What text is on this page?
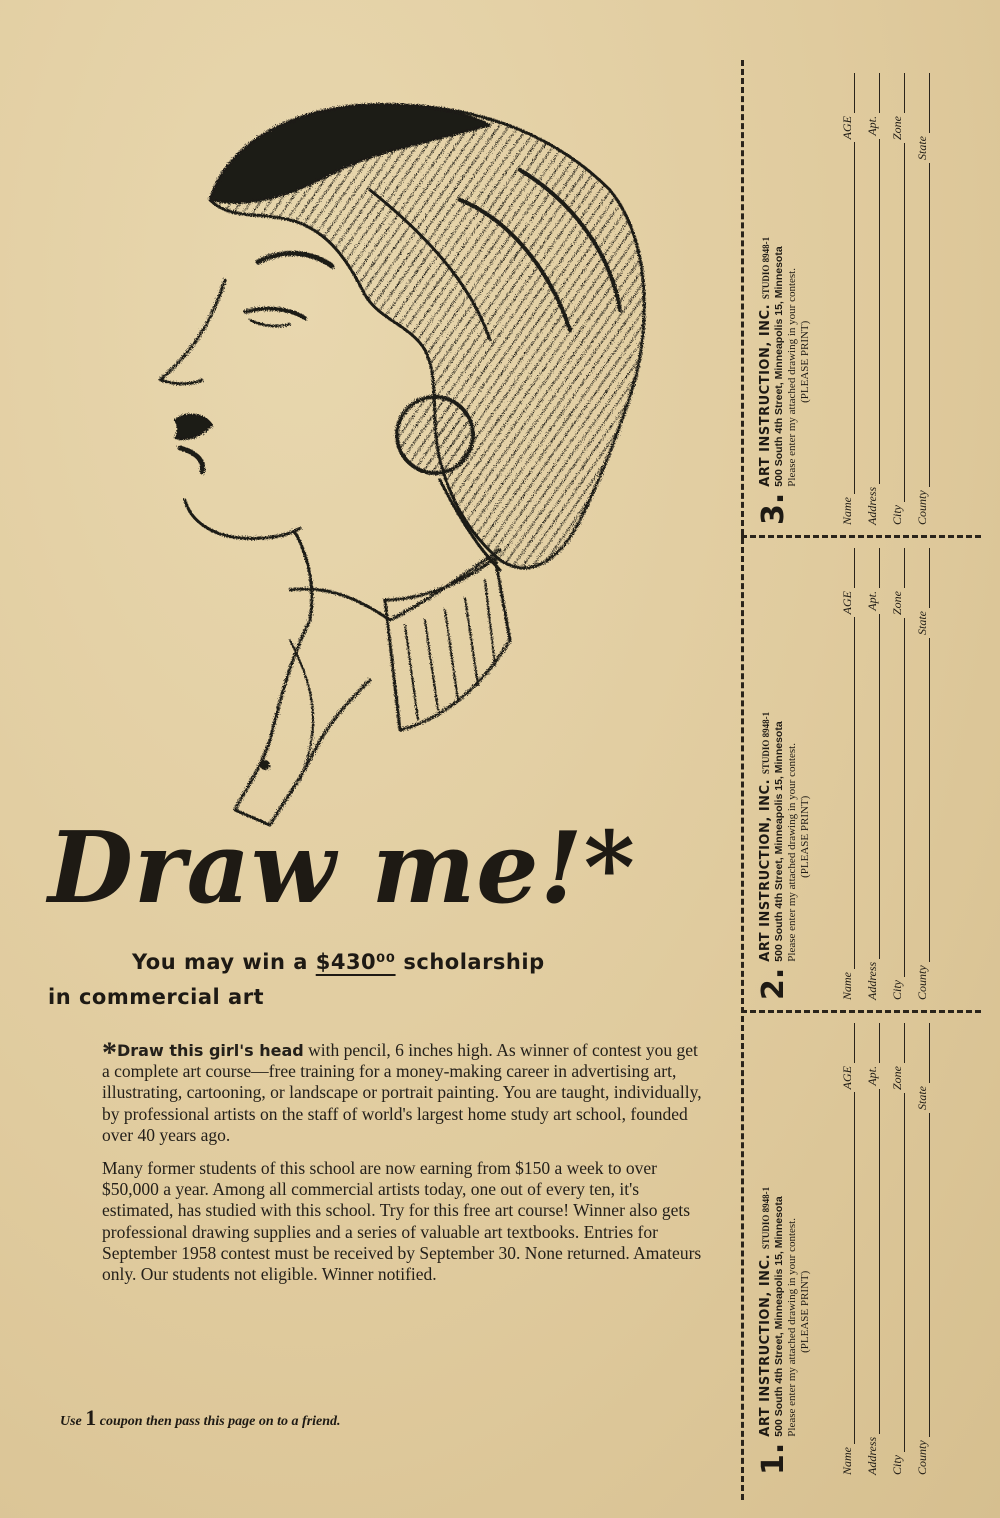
Draw me!*
You may win a $430⁰⁰ scholarship
in commercial art

*Draw this girl's head with pencil, 6 inches high. As winner of contest you get a complete art course—free training for a money-making career in advertising art, illustrating, cartooning, or landscape or portrait painting. You are taught, individually, by professional artists on the staff of world's largest home study art school, founded over 40 years ago.

Many former students of this school are now earning from $150 a week to over $50,000 a year. Among all commercial artists today, one out of every ten, it's estimated, has studied with this school. Try for this free art course! Winner also gets professional drawing supplies and a series of valuable art textbooks. Entries for September 1958 contest must be received by September 30. None returned. Amateurs only. Our students not eligible. Winner notified.

Use 1 coupon then pass this page on to a friend.
3.
ART INSTRUCTION, INC. STUDIO 8948-1 500 South 4th Street, Minneapolis 15, Minnesota Please enter my attached drawing in your contest. (PLEASE PRINT)
Name
AGE
Address
Apt.
City
Zone
County
State
2.
ART INSTRUCTION, INC. STUDIO 8948-1 500 South 4th Street, Minneapolis 15, Minnesota Please enter my attached drawing in your contest. (PLEASE PRINT)
Name
AGE
Address
Apt.
City
Zone
County
State
1.
ART INSTRUCTION, INC. STUDIO 8948-1 500 South 4th Street, Minneapolis 15, Minnesota Please enter my attached drawing in your contest. (PLEASE PRINT)
Name
AGE
Address
Apt.
City
Zone
County
State
